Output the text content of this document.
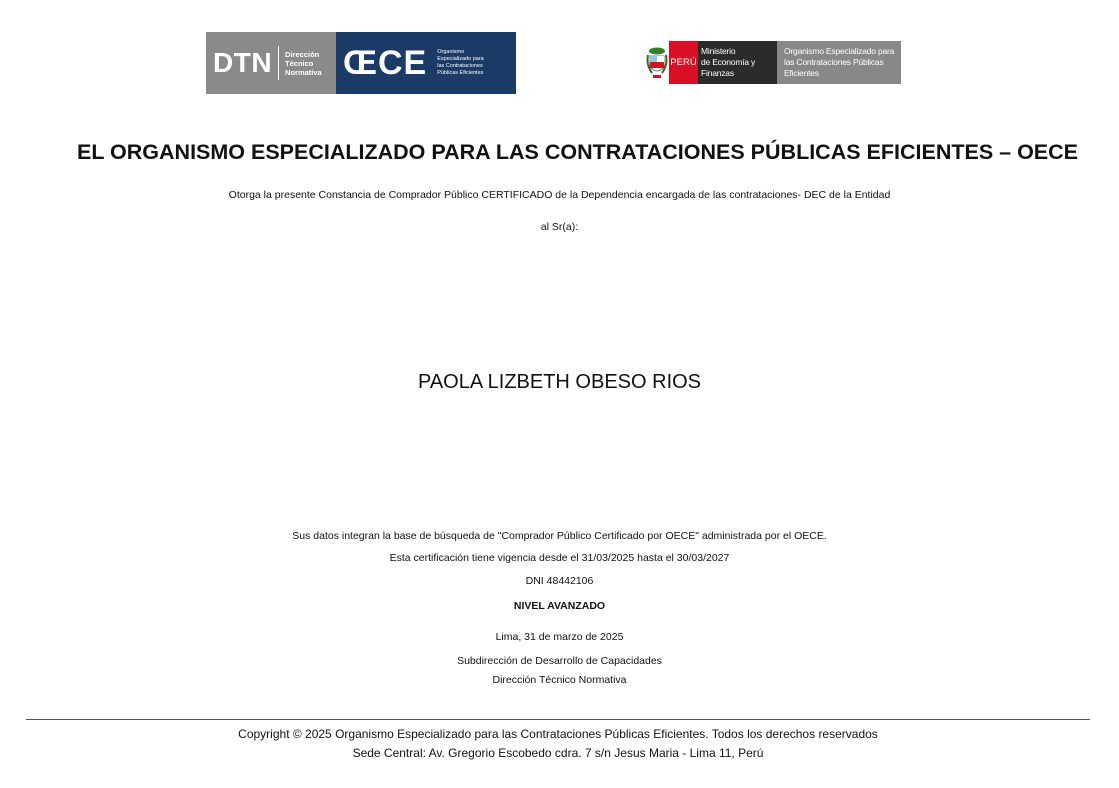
DTN Dirección
Técnico
Normativa ŒCE Organismo
Especializado para
las Contrataciones
Públicas Eficientes
PERÚ
Ministerio
de Economía y Finanzas
Organismo Especializado para
las Contrataciones Públicas
Eficientes
EL ORGANISMO ESPECIALIZADO PARA LAS CONTRATACIONES PÚBLICAS EFICIENTES – OECE
Otorga la presente Constancia de Comprador Público CERTIFICADO de la Dependencia encargada de las contrataciones- DEC de la Entidad
al Sr(a):
PAOLA LIZBETH OBESO RIOS
Sus datos integran la base de búsqueda de "Comprador Público Certificado por OECE" administrada por el OECE.
Esta certificación tiene vigencia desde el 31/03/2025 hasta el 30/03/2027
DNI 48442106
NIVEL AVANZADO
Lima, 31 de marzo de 2025
Subdirección de Desarrollo de Capacidades
Dirección Técnico Normativa
Copyright © 2025 Organismo Especializado para las Contrataciones Públicas Eficientes. Todos los derechos reservados
Sede Central: Av. Gregorio Escobedo cdra. 7 s/n Jesus Maria - Lima 11, Perú
